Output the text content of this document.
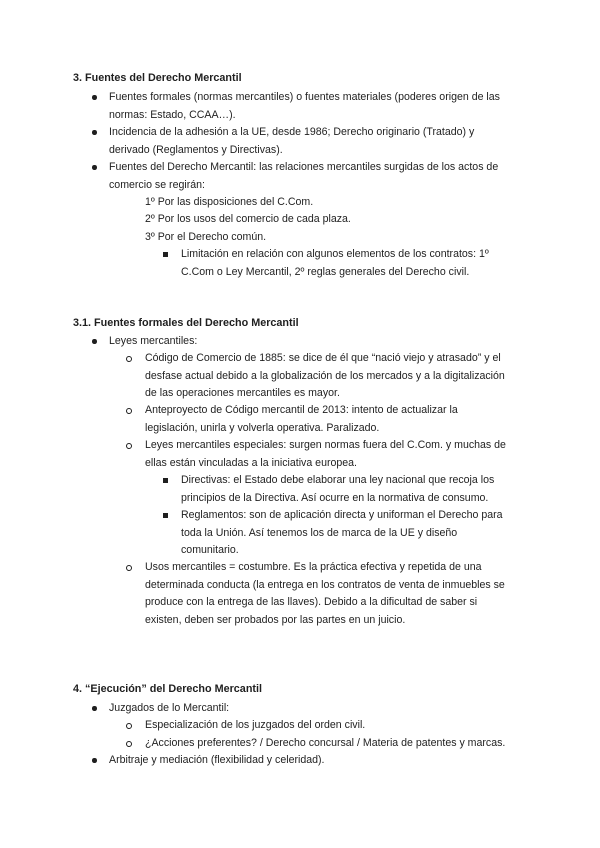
3. Fuentes del Derecho Mercantil
Fuentes formales (normas mercantiles) o fuentes materiales (poderes origen de las
normas: Estado, CCAA…).
Incidencia de la adhesión a la UE, desde 1986; Derecho originario (Tratado) y
derivado (Reglamentos y Directivas).
Fuentes del Derecho Mercantil: las relaciones mercantiles surgidas de los actos de
comercio se regirán:
1º Por las disposiciones del C.Com.
2º Por los usos del comercio de cada plaza.
3º Por el Derecho común.
Limitación en relación con algunos elementos de los contratos: 1º
C.Com o Ley Mercantil, 2º reglas generales del Derecho civil.
3.1. Fuentes formales del Derecho Mercantil
Leyes mercantiles:
Código de Comercio de 1885: se dice de él que “nació viejo y atrasado” y el
desfase actual debido a la globalización de los mercados y a la digitalización
de las operaciones mercantiles es mayor.
Anteproyecto de Código mercantil de 2013: intento de actualizar la
legislación, unirla y volverla operativa. Paralizado.
Leyes mercantiles especiales: surgen normas fuera del C.Com. y muchas de
ellas están vinculadas a la iniciativa europea.
Directivas: el Estado debe elaborar una ley nacional que recoja los
principios de la Directiva. Así ocurre en la normativa de consumo.
Reglamentos: son de aplicación directa y uniforman el Derecho para
toda la Unión. Así tenemos los de marca de la UE y diseño
comunitario.
Usos mercantiles = costumbre. Es la práctica efectiva y repetida de una
determinada conducta (la entrega en los contratos de venta de inmuebles se
produce con la entrega de las llaves). Debido a la dificultad de saber si
existen, deben ser probados por las partes en un juicio.
4. “Ejecución” del Derecho Mercantil
Juzgados de lo Mercantil:
Especialización de los juzgados del orden civil.
¿Acciones preferentes? / Derecho concursal / Materia de patentes y marcas.
Arbitraje y mediación (flexibilidad y celeridad).
